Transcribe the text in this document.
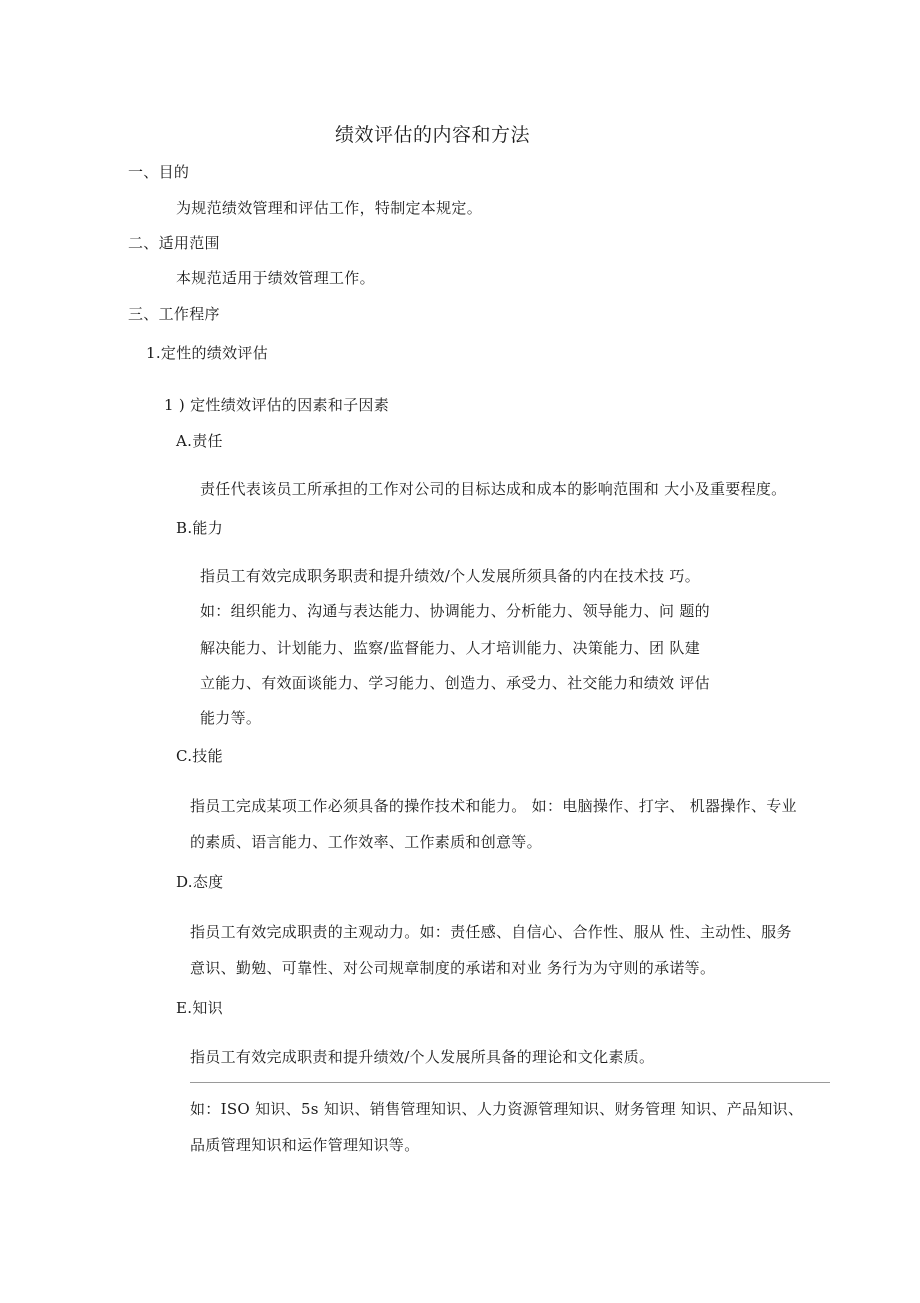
绩效评估的内容和方法
一、目的
为规范绩效管理和评估工作，特制定本规定。
二、适用范围
本规范适用于绩效管理工作。
三、工作程序
1.定性的绩效评估
1 ) 定性绩效评估的因素和子因素
A.责任
责任代表该员工所承担的工作对公司的目标达成和成本的影响范围和 大小及重要程度。
B.能力
指员工有效完成职务职责和提升绩效/个人发展所须具备的内在技术技 巧。
如：组织能力、沟通与表达能力、协调能力、分析能力、领导能力、问 题的
解决能力、计划能力、监察/监督能力、人才培训能力、决策能力、团 队建
立能力、有效面谈能力、学习能力、创造力、承受力、社交能力和绩效 评估
能力等。
C.技能
指员工完成某项工作必须具备的操作技术和能力。 如：电脑操作、打字、 机器操作、专业
的素质、语言能力、工作效率、工作素质和创意等。
D.态度
指员工有效完成职责的主观动力。如：责任感、自信心、合作性、服从 性、主动性、服务
意识、勤勉、可靠性、对公司规章制度的承诺和对业 务行为为守则的承诺等。
E.知识
指员工有效完成职责和提升绩效/个人发展所具备的理论和文化素质。
如：ISO 知识、5s 知识、销售管理知识、人力资源管理知识、财务管理 知识、产品知识、
品质管理知识和运作管理知识等。
